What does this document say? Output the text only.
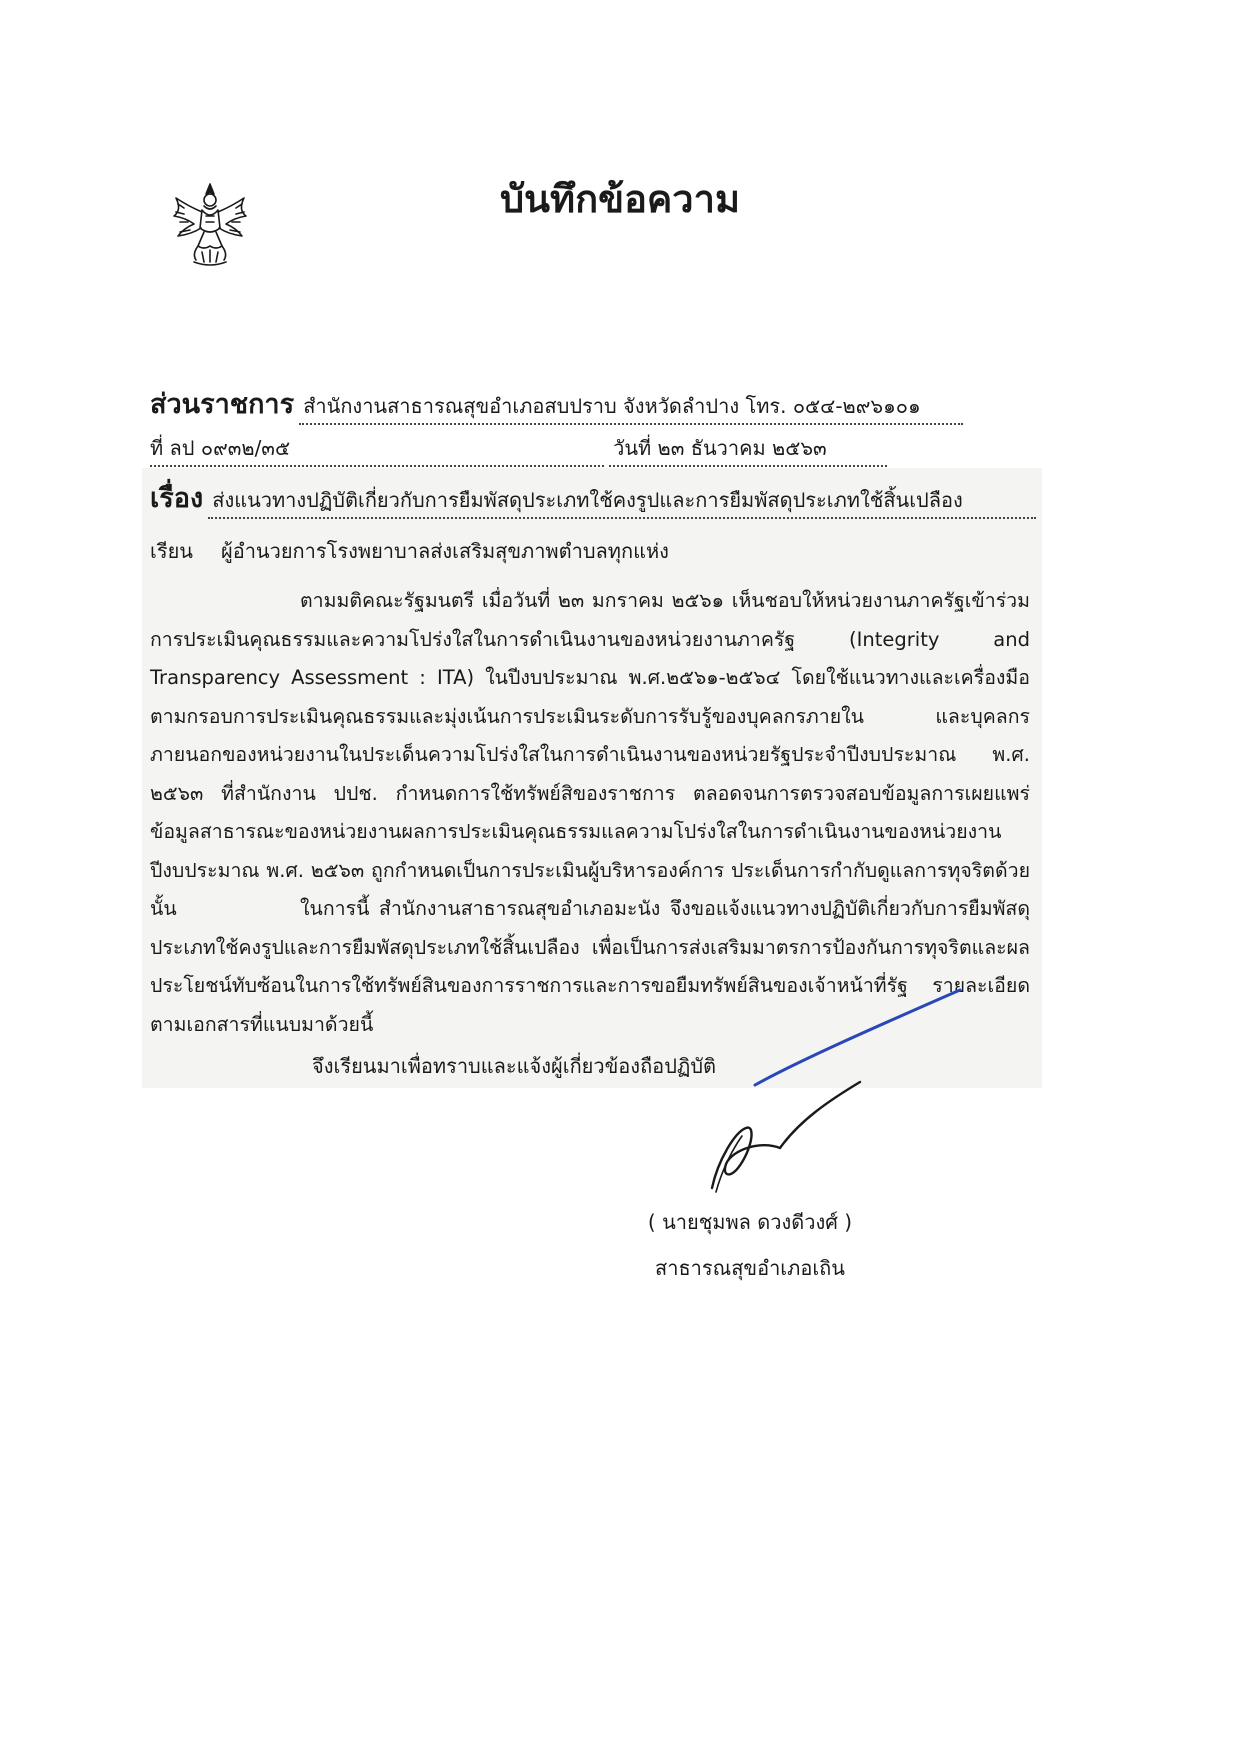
บันทึกข้อความ
ส่วนราชการ สำนักงานสาธารณสุขอำเภอสบปราบ จังหวัดลำปาง โทร. ๐๕๔-๒๙๖๑๐๑
ที่ ลป ๐๙๓๒/๓๕	วันที่ ๒๓ ธันวาคม ๒๕๖๓
เรื่อง ส่งแนวทางปฏิบัติเกี่ยวกับการยืมพัสดุประเภทใช้คงรูปและการยืมพัสดุประเภทใช้สิ้นเปลือง
เรียน ผู้อำนวยการโรงพยาบาลส่งเสริมสุขภาพตำบลทุกแห่ง

ตามมติคณะรัฐมนตรี เมื่อวันที่ ๒๓ มกราคม ๒๕๖๑ เห็นชอบให้หน่วยงานภาครัฐเข้าร่วมการประเมินคุณธรรมและความโปร่งใสในการดำเนินงานของหน่วยงานภาครัฐ (Integrity and Transparency Assessment : ITA) ในปีงบประมาณ พ.ศ.๒๕๖๑-๒๕๖๔ โดยใช้แนวทางและเครื่องมือตามกรอบการประเมินคุณธรรมและมุ่งเน้นการประเมินระดับการรับรู้ของบุคลกรภายใน และบุคลกรภายนอกของหน่วยงานในประเด็นความโปร่งใสในการดำเนินงานของหน่วยรัฐประจำปีงบประมาณ พ.ศ. ๒๕๖๓ ที่สำนักงาน ปปช. กำหนดการใช้ทรัพย์สิของราชการ ตลอดจนการตรวจสอบข้อมูลการเผยแพร่ข้อมูลสาธารณะของหน่วยงานผลการประเมินคุณธรรมแลความโปร่งใสในการดำเนินงานของหน่วยงาน ปีงบประมาณ พ.ศ. ๒๕๖๓ ถูกกำหนดเป็นการประเมินผู้บริหารองค์การ ประเด็นการกำกับดูแลการทุจริตด้วย นั้น	ในการนี้ สำนักงานสาธารณสุขอำเภอมะนัง จึงขอแจ้งแนวทางปฏิบัติเกี่ยวกับการยืมพัสดุประเภทใช้คงรูปและการยืมพัสดุประเภทใช้สิ้นเปลือง เพื่อเป็นการส่งเสริมมาตรการป้องกันการทุจริตและผลประโยชน์ทับซ้อนในการใช้ทรัพย์สินของการราชการและการขอยืมทรัพย์สินของเจ้าหน้าที่รัฐ รายละเอียดตามเอกสารที่แนบมาด้วยนี้

จึงเรียนมาเพื่อทราบและแจ้งผู้เกี่ยวข้องถือปฏิบัติ
( นายชุมพล ดวงดีวงศ์ )
สาธารณสุขอำเภอเถิน
